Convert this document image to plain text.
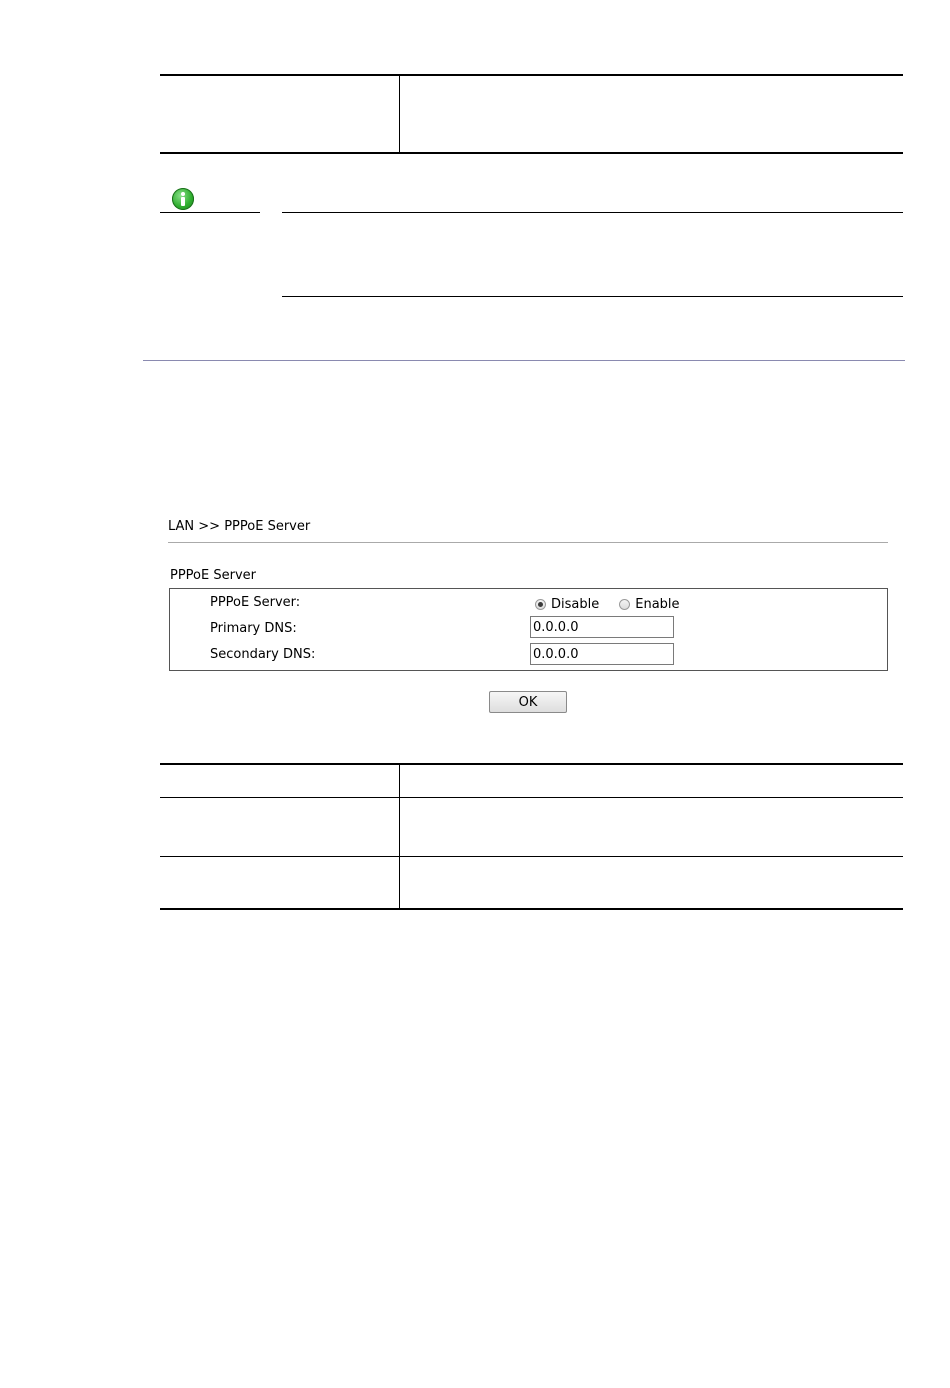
LAN >> PPPoE Server
PPPoE Server
PPPoE Server:	Disable	Enable
Primary DNS:
0.0.0.0
Secondary DNS:
0.0.0.0
OK
